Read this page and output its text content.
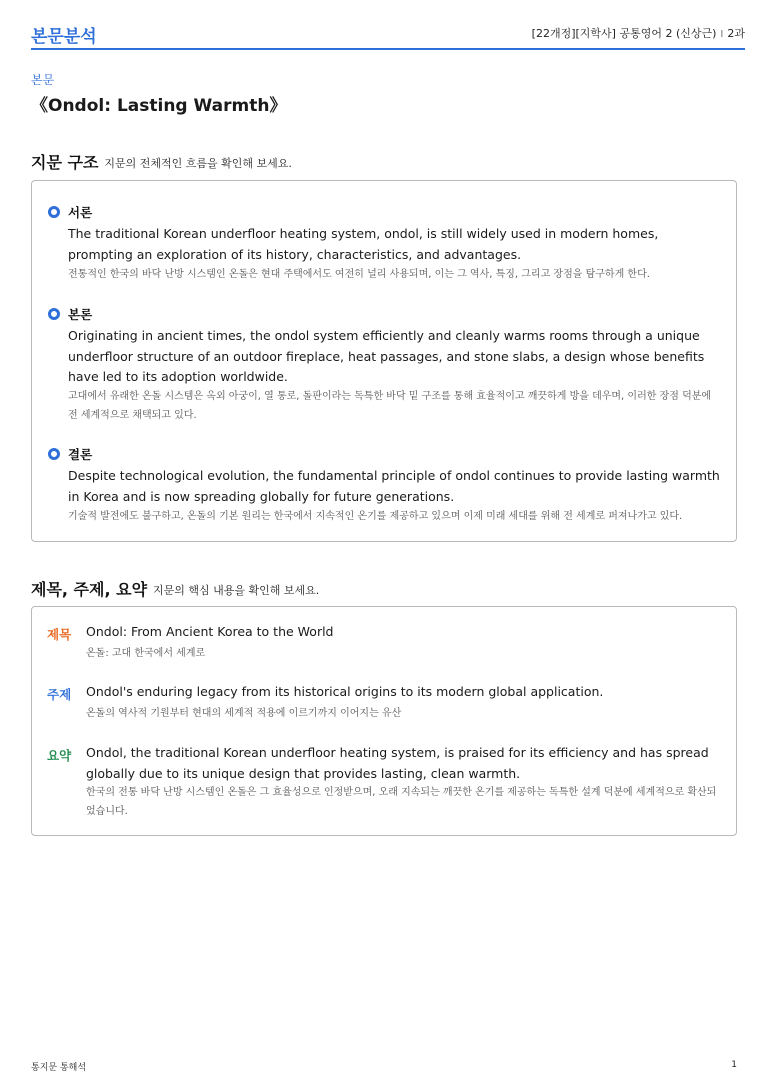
본문분석	[22개정][지학사] 공통영어 2 (신상근) I 2과
본문
《Ondol: Lasting Warmth》
지문 구조 지문의 전체적인 흐름을 확인해 보세요.
서론
The traditional Korean underfloor heating system, ondol, is still widely used in modern homes, prompting an exploration of its history, characteristics, and advantages.
전통적인 한국의 바닥 난방 시스템인 온돌은 현대 주택에서도 여전히 널리 사용되며, 이는 그 역사, 특징, 그리고 장점을 탐구하게 한다.
본론
Originating in ancient times, the ondol system efficiently and cleanly warms rooms through a unique underfloor structure of an outdoor fireplace, heat passages, and stone slabs, a design whose benefits have led to its adoption worldwide.
고대에서 유래한 온돌 시스템은 옥외 아궁이, 열 통로, 돌판이라는 독특한 바닥 밑 구조를 통해 효율적이고 깨끗하게 방을 데우며, 이러한 장점 덕분에 전 세계적으로 채택되고 있다.
결론
Despite technological evolution, the fundamental principle of ondol continues to provide lasting warmth in Korea and is now spreading globally for future generations.
기술적 발전에도 불구하고, 온돌의 기본 원리는 한국에서 지속적인 온기를 제공하고 있으며 이제 미래 세대를 위해 전 세계로 퍼져나가고 있다.
제목, 주제, 요약 지문의 핵심 내용을 확인해 보세요.
제목 Ondol: From Ancient Korea to the World
온돌: 고대 한국에서 세계로
주제 Ondol's enduring legacy from its historical origins to its modern global application.
온돌의 역사적 기원부터 현대의 세계적 적용에 이르기까지 이어지는 유산
요약 Ondol, the traditional Korean underfloor heating system, is praised for its efficiency and has spread globally due to its unique design that provides lasting, clean warmth.
한국의 전통 바닥 난방 시스템인 온돌은 그 효율성으로 인정받으며, 오래 지속되는 깨끗한 온기를 제공하는 독특한 설계 덕분에 세계적으로 확산되었습니다.
통지문 통해석	1
